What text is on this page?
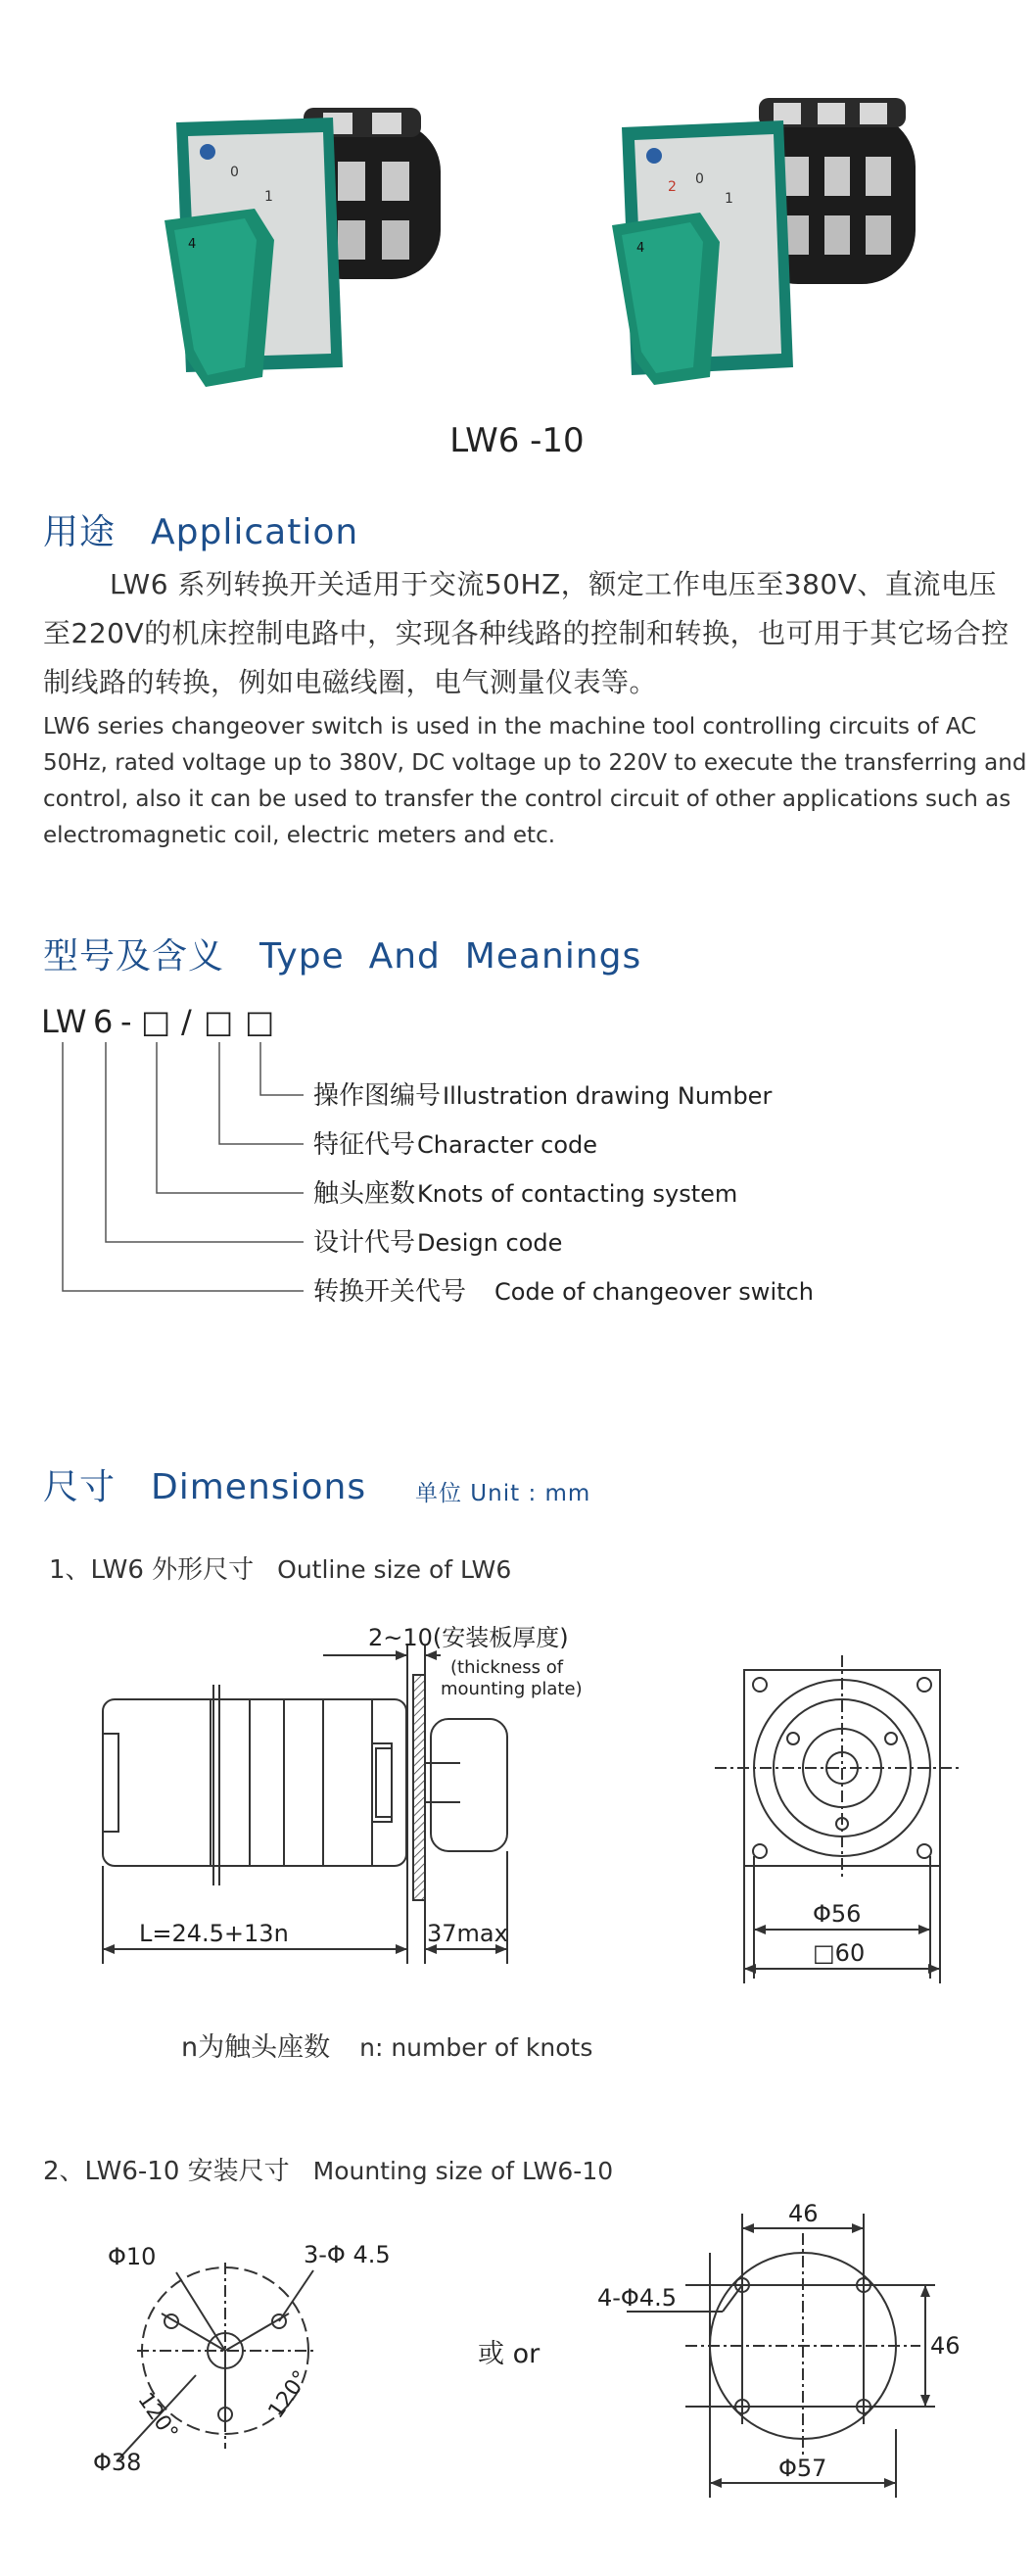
4
0
1
4
2 0
1
LW6 -10
用途 Application
LW6 系列转换开关适用于交流50HZ，额定工作电压至380V、直流电压至220V的机床控制电路中，实现各种线路的控制和转换，也可用于其它场合控制线路的转换，例如电磁线圈，电气测量仪表等。
LW6 series changeover switch is used in the machine tool controlling circuits of AC 50Hz, rated voltage up to 380V, DC voltage up to 220V to execute the transferring and control, also it can be used to transfer the control circuit of other applications such as electromagnetic coil, electric meters and etc.
型号及含义 Type  And  Meanings
LW 6 - □ / □ □
操作图编号
特征代号
触头座数
设计代号
转换开关代号
Illustration drawing Number
Character code
Knots of contacting system
Design code
Code of changeover switch
尺寸 Dimensions 单位 Unit : mm
1、LW6 外形尺寸 Outline size of LW6
2~10(安装板厚度)
(thickness of
mounting plate)
L=24.5+13n	37max
Φ56
□60
n为触头座数 n: number of knots
2、LW6-10 安装尺寸 Mounting size of LW6-10
Φ10	3-Φ 4.5
120°	120°
Φ38
或 or
46
46
4-Φ4.5
Φ57
